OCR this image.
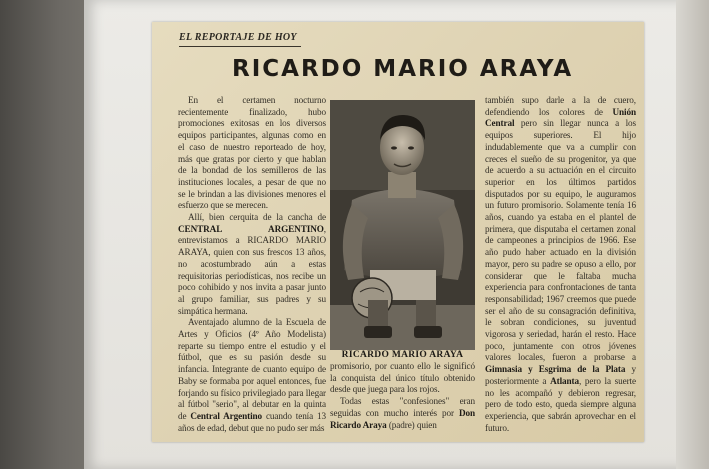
EL REPORTAJE DE HOY
RICARDO MARIO ARAYA

En el certamen nocturno recientemente finalizado, hubo promociones exitosas en los diversos equipos participantes, algunas como en el caso de nuestro reporteado de hoy, más que gratas por cierto y que hablan de la bondad de los semilleros de las instituciones locales, a pesar de que no se le brindan a las divisiones menores el esfuerzo que se merecen.

Allí, bien cerquita de la cancha de CENTRAL ARGENTINO, entrevistamos a RICARDO MARIO ARAYA, quien con sus frescos 13 años, no acostumbrado aún a estas requisitorias periodísticas, nos recibe un poco cohibido y nos invita a pasar junto al grupo familiar, sus padres y su simpática hermana.

Aventajado alumno de la Escuela de Artes y Oficios (4º Año Modelista) reparte su tiempo entre el estudio y el fútbol, que es su pasión desde su infancia. Integrante de cuanto equipo de Baby se formaba por aquel entonces, fue forjando su físico privilegiado para llegar al fútbol "serio", al debutar en la quinta de Central Argentino cuando tenía 13 años de edad, debut que no pudo ser más

RICARDO MARIO ARAYA

promisorio, por cuanto ello le significó la conquista del único título obtenido desde que juega para los rojos.

Todas estas "confesiones" eran seguidas con mucho interés por Don Ricardo Araya (padre) quien

también supo darle a la de cuero, defendiendo los colores de Unión Central pero sin llegar nunca a los equipos superiores. El hijo indudablemente que va a cumplir con creces el sueño de su progenitor, ya que de acuerdo a su actuación en el circuito superior en los últimos partidos disputados por su equipo, le auguramos un futuro promisorio. Solamente tenía 16 años, cuando ya estaba en el plantel de primera, que disputaba el certamen zonal de campeones a principios de 1966. Ese año pudo haber actuado en la división mayor, pero su padre se opuso a ello, por considerar que le faltaba mucha experiencia para confrontaciones de tanta responsabilidad; 1967 creemos que puede ser el año de su consagración definitiva, le sobran condiciones, su juventud vigorosa y seriedad, harán el resto. Hace poco, juntamente con otros jóvenes valores locales, fueron a probarse a Gimnasia y Esgrima de la Plata y posteriormente a Atlanta, pero la suerte no les acompañó y debieron regresar, pero de todo esto, queda siempre alguna experiencia, que sabrán aprovechar en el futuro.
